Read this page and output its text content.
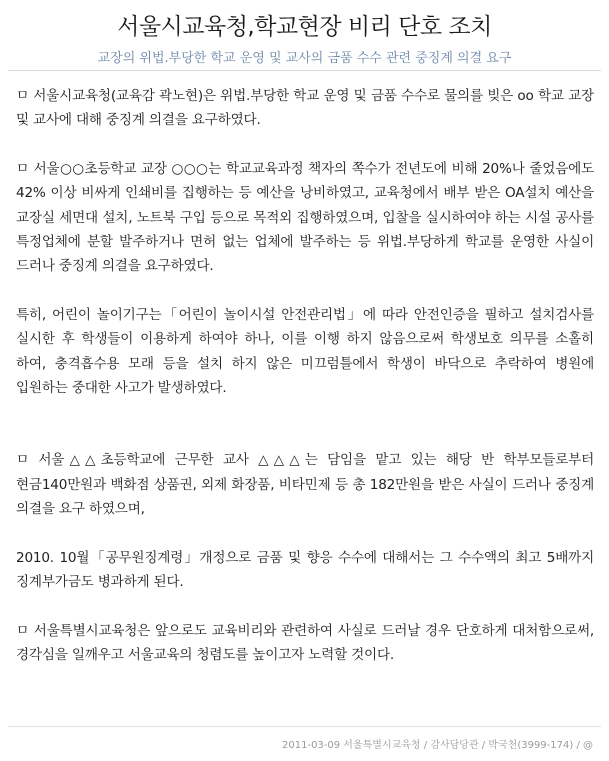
서울시교육청,학교현장 비리 단호 조치
교장의 위법.부당한 학교 운영 및 교사의 금품 수수 관련 중징계 의결 요구

ㅁ 서울시교육청(교육감 곽노현)은 위법.부당한 학교 운영 및 금품 수수로 물의를 빚은 oo 학교 교장 및 교사에 대해 중징계 의결을 요구하였다.

ㅁ 서울○○초등학교 교장 ○○○는 학교교육과정 책자의 쪽수가 전년도에 비해 20%나 줄었음에도 42% 이상 비싸게 인쇄비를 집행하는 등 예산을 낭비하였고, 교육청에서 배부 받은 OA설치 예산을 교장실 세면대 설치, 노트북 구입 등으로 목적외 집행하였으며, 입찰을 실시하여야 하는 시설 공사를 특정업체에 분할 발주하거나 면허 없는 업체에 발주하는 등 위법.부당하게 학교를 운영한 사실이 드러나 중징계 의결을 요구하였다.

특히, 어린이 놀이기구는「어린이 놀이시설 안전관리법」에 따라 안전인증을 필하고 설치검사를 실시한 후 학생들이 이용하게 하여야 하나, 이를 이행 하지 않음으로써 학생보호 의무를 소홀히 하여, 충격흡수용 모래 등을 설치 하지 않은 미끄럼틀에서 학생이 바닥으로 추락하여 병원에 입원하는 중대한 사고가 발생하였다.

ㅁ 서울△△초등학교에 근무한 교사 △△△는 담임을 맡고 있는 해당 반 학부모들로부터 현금140만원과 백화점 상품권, 외제 화장품, 비타민제 등 총 182만원을 받은 사실이 드러나 중징계 의결을 요구 하였으며,

2010. 10월「공무원징계령」개정으로 금품 및 향응 수수에 대해서는 그 수수액의 최고 5배까지 징계부가금도 병과하게 된다.

ㅁ 서울특별시교육청은 앞으로도 교육비리와 관련하여 사실로 드러날 경우 단호하게 대처함으로써, 경각심을 일깨우고 서울교육의 청렴도를 높이고자 노력할 것이다.

2011-03-09 서울특별시교육청 / 감사담당관 / 박국천(3999-174) / @
